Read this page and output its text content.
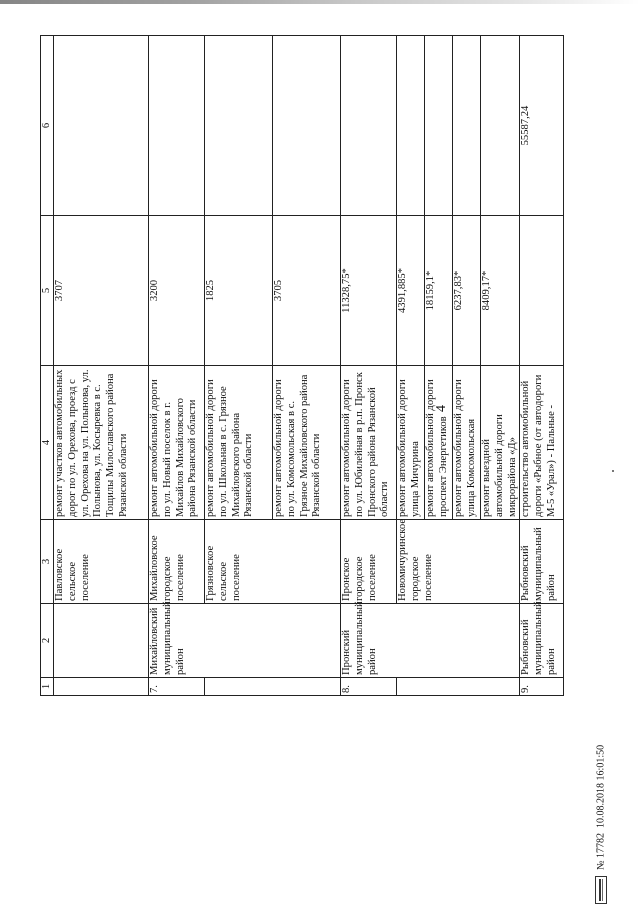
4
1	2	3	4	5	6
		Павловское сельское поселение	ремонт участков автомобильных дорог по ул. Орехова, проезд с ул. Орехова на ул. Полынова, ул. Полынова, ул. Косыревка в с. Тощилы Милославского района Рязанской области	3707	
7.	Михайловский муниципальный район	Михайловское городское поселение	ремонт автомобильной дороги по ул. Новый поселок в г. Михайлов Михайловского района Рязанской области	3200	
		Грязновское сельское поселение	ремонт автомобильной дороги по ул. Школьная в с. Грязное Михайловского района Рязанской области	1825	
			ремонт автомобильной дороги по ул. Комсомольская в с. Грязное Михайловского района Рязанской области	3705	
8.	Пронский муниципальный район	Пронское городское поселение	ремонт автомобильной дороги по ул. Юбилейная в р.п. Пронск Пронского района Рязанской области	11328,75*	
		Новомичуринское городское поселение	ремонт автомобильной дороги улица Мичурина	4391,885*	
			ремонт автомобильной дороги проспект Энергетиков	18159,1*	
			ремонт автомобильной дороги улица Комсомольская	6237,83*	
			ремонт выездной автомобильной дороги микрорайона «Д»	8409,17*	
9.	Рыбновский муниципальный район	Рыбновский муниципальный район	строительство автомобильной дороги «Рыбное (от автодороги М-5 «Урал») - Пальные -		55587,24
№ 17782  10.08.2018 16:01:50
